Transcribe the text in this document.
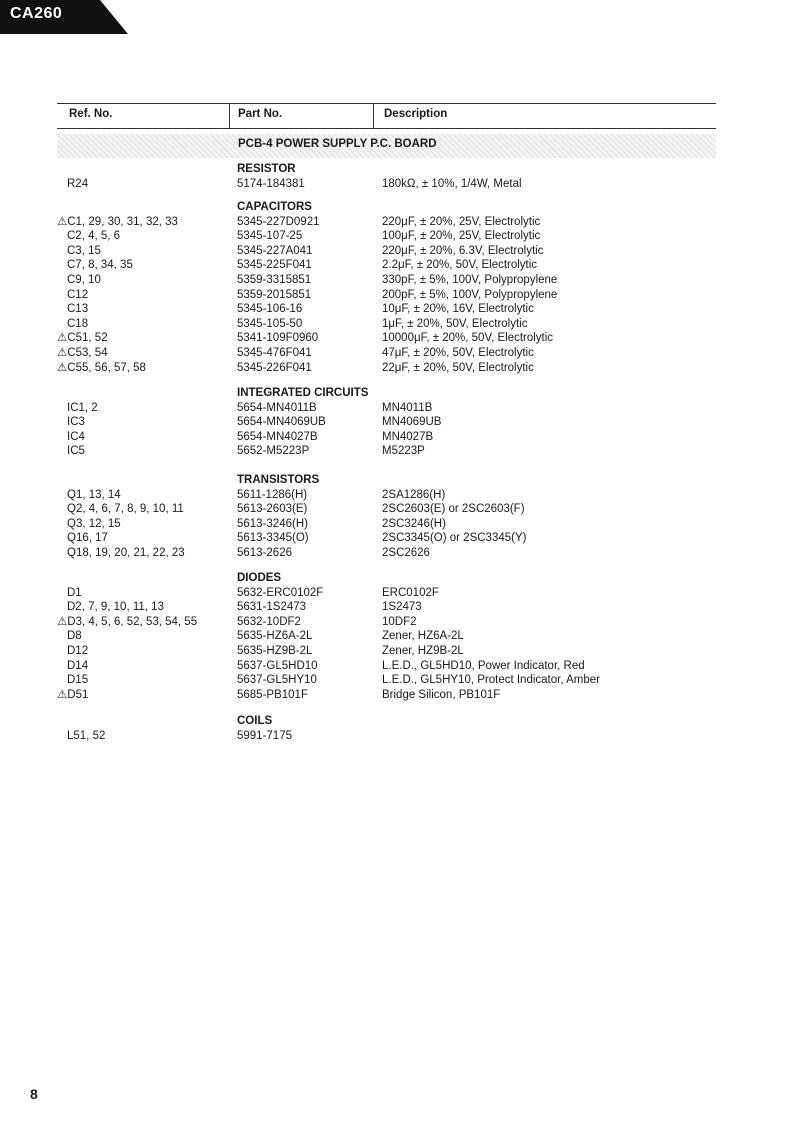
CA260
Ref. No.	Part No.	Description
PCB-4 POWER SUPPLY P.C. BOARD
RESISTOR
R24	5174-184381	180kΩ, ± 10%, 1/4W, Metal
CAPACITORS
⚠C1, 29, 30, 31, 32, 33	5345-227D0921	220μF, ± 20%, 25V, Electrolytic
C2, 4, 5, 6	5345-107-25	100μF, ± 20%, 25V, Electrolytic
C3, 15	5345-227A041	220μF, ± 20%, 6.3V, Electrolytic
C7, 8, 34, 35	5345-225F041	2.2μF, ± 20%, 50V, Electrolytic
C9, 10	5359-3315851	330pF, ± 5%, 100V, Polypropylene
C12	5359-2015851	200pF, ± 5%, 100V, Polypropylene
C13	5345-106-16	10μF, ± 20%, 16V, Electrolytic
C18	5345-105-50	1μF, ± 20%, 50V, Electrolytic
⚠C51, 52	5341-109F0960	10000μF, ± 20%, 50V, Electrolytic
⚠C53, 54	5345-476F041	47μF, ± 20%, 50V, Electrolytic
⚠C55, 56, 57, 58	5345-226F041	22μF, ± 20%, 50V, Electrolytic
INTEGRATED CIRCUITS
IC1, 2	5654-MN4011B	MN4011B
IC3	5654-MN4069UB	MN4069UB
IC4	5654-MN4027B	MN4027B
IC5	5652-M5223P	M5223P
TRANSISTORS
Q1, 13, 14	5611-1286(H)	2SA1286(H)
Q2, 4, 6, 7, 8, 9, 10, 11	5613-2603(E)	2SC2603(E) or 2SC2603(F)
Q3, 12, 15	5613-3246(H)	2SC3246(H)
Q16, 17	5613-3345(O)	2SC3345(O) or 2SC3345(Y)
Q18, 19, 20, 21, 22, 23	5613-2626	2SC2626
DIODES
D1	5632-ERC0102F	ERC0102F
D2, 7, 9, 10, 11, 13	5631-1S2473	1S2473
⚠D3, 4, 5, 6, 52, 53, 54, 55	5632-10DF2	10DF2
D8	5635-HZ6A-2L	Zener, HZ6A-2L
D12	5635-HZ9B-2L	Zener, HZ9B-2L
D14	5637-GL5HD10	L.E.D., GL5HD10, Power Indicator, Red
D15	5637-GL5HY10	L.E.D., GL5HY10, Protect Indicator, Amber
⚠D51	5685-PB101F	Bridge Silicon, PB101F
COILS
L51, 52	5991-7175
8
